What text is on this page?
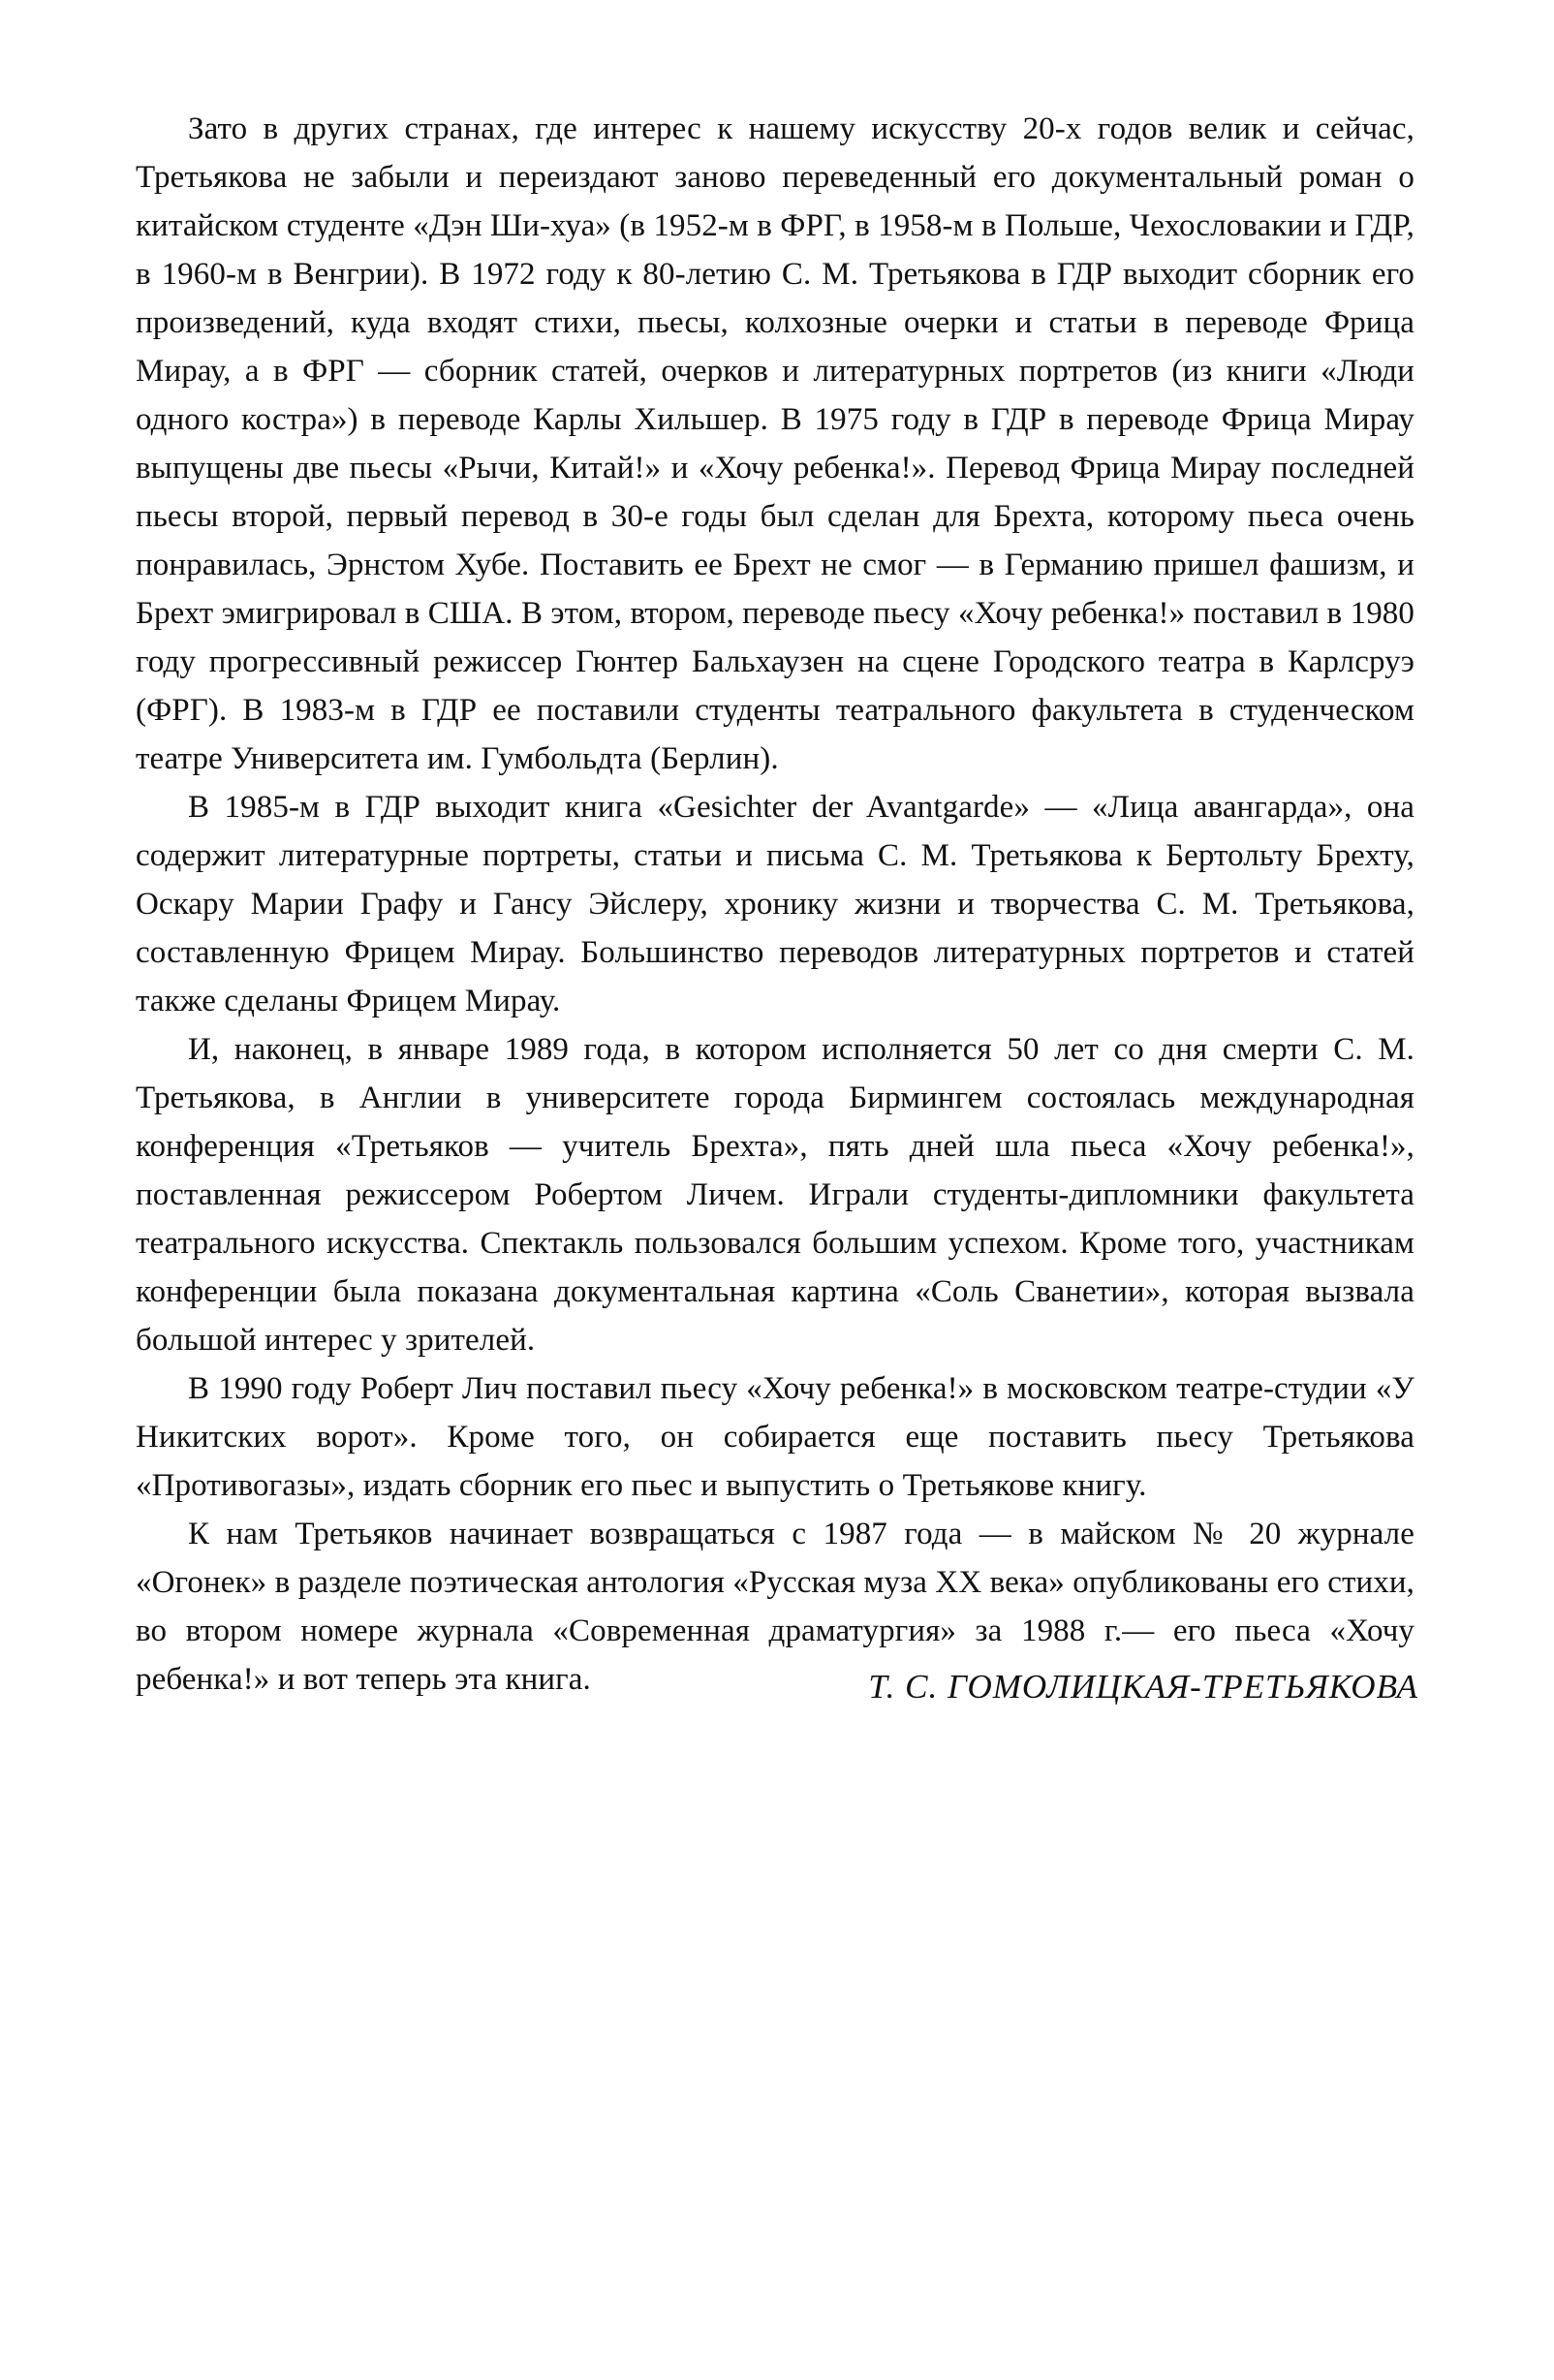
Зато в других странах, где интерес к нашему искусству 20-х годов велик и сейчас, Третьякова не забыли и переиздают заново переведенный его документальный роман о китайском студенте «Дэн Ши-хуа» (в 1952-м в ФРГ, в 1958-м в Польше, Чехословакии и ГДР, в 1960-м в Венгрии). В 1972 году к 80-летию С. М. Третьякова в ГДР выходит сборник его произведений, куда входят стихи, пьесы, колхозные очерки и статьи в переводе Фрица Мирау, а в ФРГ — сборник статей, очерков и литературных портретов (из книги «Люди одного костра») в переводе Карлы Хильшер. В 1975 году в ГДР в переводе Фрица Мирау выпущены две пьесы «Рычи, Китай!» и «Хочу ребенка!». Перевод Фрица Мирау последней пьесы второй, первый перевод в 30-е годы был сделан для Брехта, которому пьеса очень понравилась, Эрнстом Хубе. Поставить ее Брехт не смог — в Германию пришел фашизм, и Брехт эмигрировал в США. В этом, втором, переводе пьесу «Хочу ребенка!» поставил в 1980 году прогрессивный режиссер Гюнтер Бальхаузен на сцене Городского театра в Карлсруэ (ФРГ). В 1983-м в ГДР ее поставили студенты театрального факультета в студенческом театре Университета им. Гумбольдта (Берлин).

В 1985-м в ГДР выходит книга «Gesichter der Avantgarde» — «Лица авангарда», она содержит литературные портреты, статьи и письма С. М. Третьякова к Бертольту Брехту, Оскару Марии Графу и Гансу Эйслеру, хронику жизни и творчества С. М. Третьякова, составленную Фрицем Мирау. Большинство переводов литературных портретов и статей также сделаны Фрицем Мирау.

И, наконец, в январе 1989 года, в котором исполняется 50 лет со дня смерти С. М. Третьякова, в Англии в университете города Бирмингем состоялась международная конференция «Третьяков — учитель Брехта», пять дней шла пьеса «Хочу ребенка!», поставленная режиссером Робертом Личем. Играли студенты-дипломники факультета театрального искусства. Спектакль пользовался большим успехом. Кроме того, участникам конференции была показана документальная картина «Соль Сванетии», которая вызвала большой интерес у зрителей.

В 1990 году Роберт Лич поставил пьесу «Хочу ребенка!» в московском театре-студии «У Никитских ворот». Кроме того, он собирается еще поставить пьесу Третьякова «Противогазы», издать сборник его пьес и выпустить о Третьякове книгу.

К нам Третьяков начинает возвращаться с 1987 года — в майском № 20 журнале «Огонек» в разделе поэтическая антология «Русская муза XX века» опубликованы его стихи, во втором номере журнала «Современная драматургия» за 1988 г.— его пьеса «Хочу ребенка!» и вот теперь эта книга.	Т. С. ГОМОЛИЦКАЯ-ТРЕТЬЯКОВА
